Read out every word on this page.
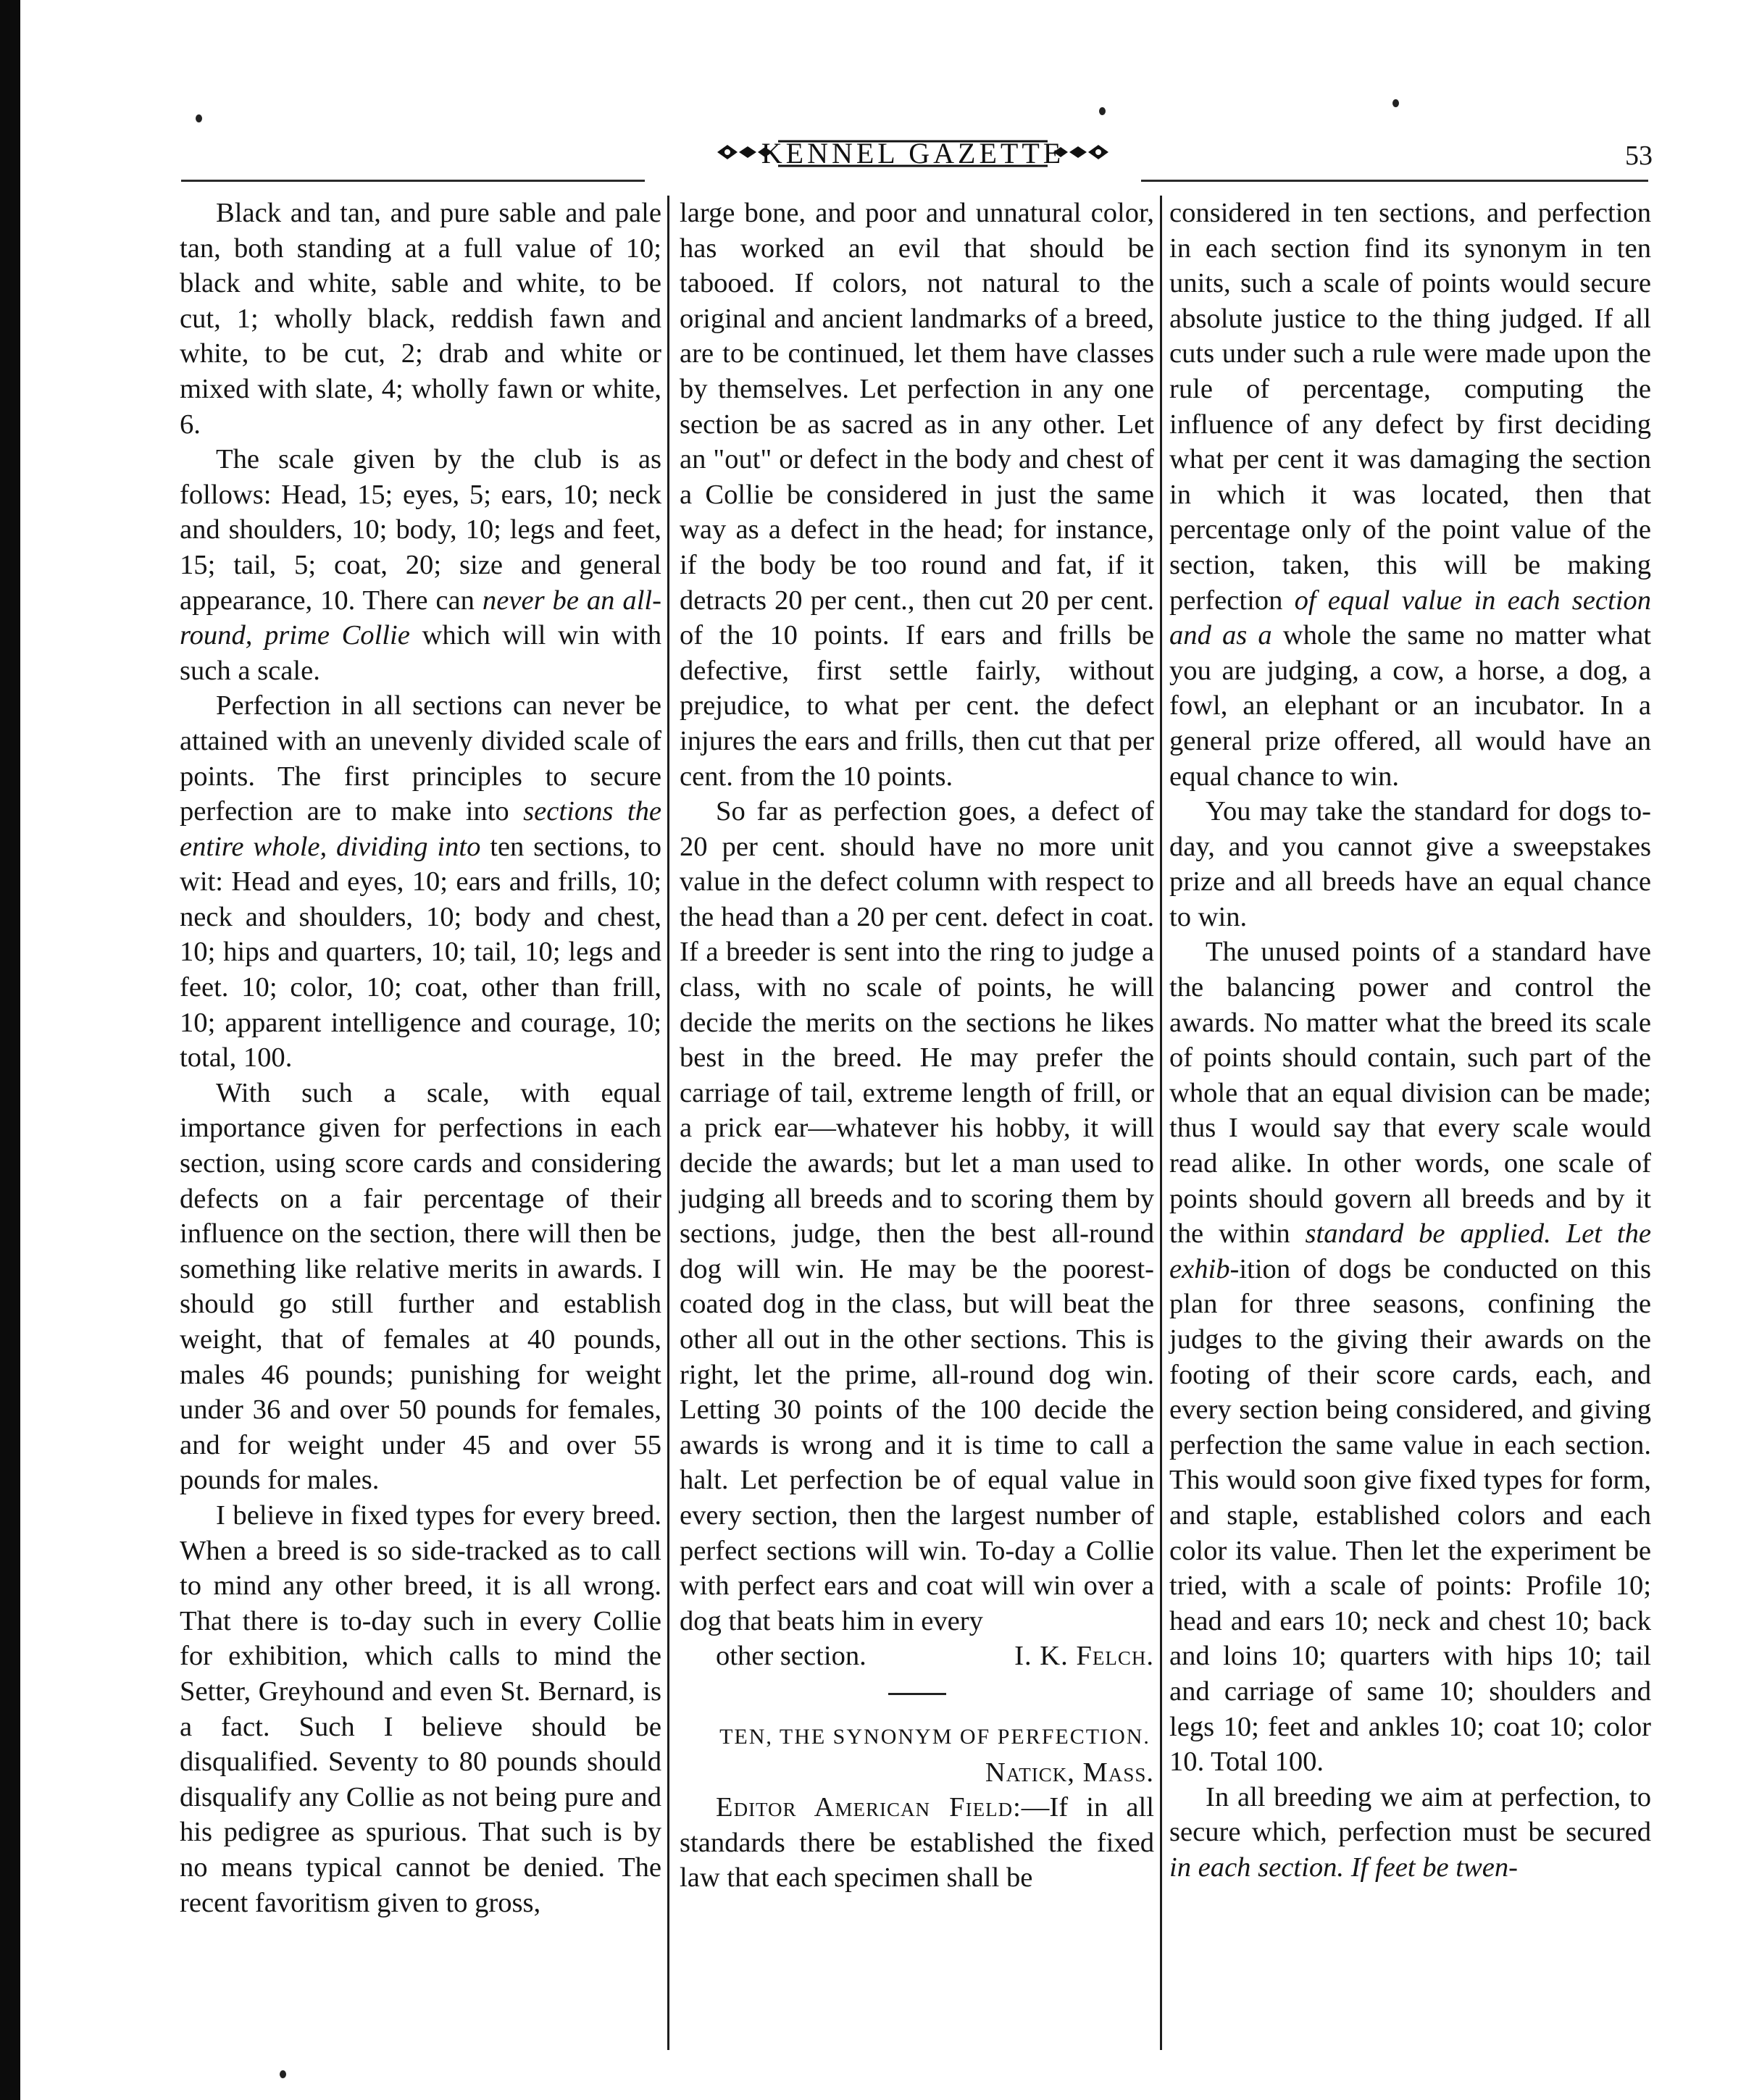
KENNEL GAZETTE	53

Black and tan, and pure sable and pale tan, both standing at a full value of 10; black and white, sable and white, to be cut, 1; wholly black, reddish fawn and white, to be cut, 2; drab and white or mixed with slate, 4; wholly fawn or white, 6.

The scale given by the club is as follows: Head, 15; eyes, 5; ears, 10; neck and shoulders, 10; body, 10; legs and feet, 15; tail, 5; coat, 20; size and general appearance, 10. There can never be an all-round, prime Collie which will win with such a scale.

Perfection in all sections can never be attained with an unevenly divided scale of points. The first principles to secure perfection are to make into sections the entire whole, dividing into ten sections, to wit: Head and eyes, 10; ears and frills, 10; neck and shoulders, 10; body and chest, 10; hips and quarters, 10; tail, 10; legs and feet. 10; color, 10; coat, other than frill, 10; apparent intelligence and courage, 10; total, 100.

With such a scale, with equal importance given for perfections in each section, using score cards and considering defects on a fair percentage of their influence on the section, there will then be something like relative merits in awards. I should go still further and establish weight, that of females at 40 pounds, males 46 pounds; punishing for weight under 36 and over 50 pounds for females, and for weight under 45 and over 55 pounds for males.

I believe in fixed types for every breed. When a breed is so side-tracked as to call to mind any other breed, it is all wrong. That there is to-day such in every Collie for exhibition, which calls to mind the Setter, Greyhound and even St. Bernard, is a fact. Such I believe should be disqualified. Seventy to 80 pounds should disqualify any Collie as not being pure and his pedigree as spurious. That such is by no means typical cannot be denied. The recent favoritism given to gross,

large bone, and poor and unnatural color, has worked an evil that should be tabooed. If colors, not natural to the original and ancient landmarks of a breed, are to be continued, let them have classes by themselves. Let perfection in any one section be as sacred as in any other. Let an "out" or defect in the body and chest of a Collie be considered in just the same way as a defect in the head; for instance, if the body be too round and fat, if it detracts 20 per cent., then cut 20 per cent. of the 10 points. If ears and frills be defective, first settle fairly, without prejudice, to what per cent. the defect injures the ears and frills, then cut that per cent. from the 10 points.

So far as perfection goes, a defect of 20 per cent. should have no more unit value in the defect column with respect to the head than a 20 per cent. defect in coat. If a breeder is sent into the ring to judge a class, with no scale of points, he will decide the merits on the sections he likes best in the breed. He may prefer the carriage of tail, extreme length of frill, or a prick ear—whatever his hobby, it will decide the awards; but let a man used to judging all breeds and to scoring them by sections, judge, then the best all-round dog will win. He may be the poorest-coated dog in the class, but will beat the other all out in the other sections. This is right, let the prime, all-round dog win. Letting 30 points of the 100 decide the awards is wrong and it is time to call a halt. Let perfection be of equal value in every section, then the largest number of perfect sections will win. To-day a Collie with perfect ears and coat will win over a dog that beats him in every

other section.	I. K. Felch.

TEN, THE SYNONYM OF PERFECTION.

Natick, Mass.

Editor American Field:—If in all standards there be established the fixed law that each specimen shall be

considered in ten sections, and perfection in each section find its synonym in ten units, such a scale of points would secure absolute justice to the thing judged. If all cuts under such a rule were made upon the rule of percentage, computing the influence of any defect by first deciding what per cent it was damaging the section in which it was located, then that percentage only of the point value of the section, taken, this will be making perfection of equal value in each section and as a whole the same no matter what you are judging, a cow, a horse, a dog, a fowl, an elephant or an incubator. In a general prize offered, all would have an equal chance to win.

You may take the standard for dogs to-day, and you cannot give a sweepstakes prize and all breeds have an equal chance to win.

The unused points of a standard have the balancing power and control the awards. No matter what the breed its scale of points should contain, such part of the whole that an equal division can be made; thus I would say that every scale would read alike. In other words, one scale of points should govern all breeds and by it the within standard be applied. Let the exhib-ition of dogs be conducted on this plan for three seasons, confining the judges to the giving their awards on the footing of their score cards, each, and every section being considered, and giving perfection the same value in each section. This would soon give fixed types for form, and staple, established colors and each color its value. Then let the experiment be tried, with a scale of points: Profile 10; head and ears 10; neck and chest 10; back and loins 10; quarters with hips 10; tail and carriage of same 10; shoulders and legs 10; feet and ankles 10; coat 10; color 10. Total 100.

In all breeding we aim at perfection, to secure which, perfection must be secured in each section. If feet be twen-
